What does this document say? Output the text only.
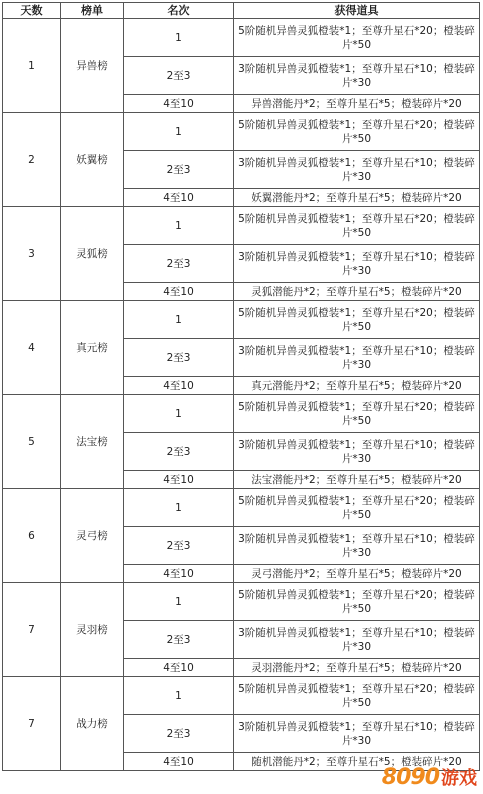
天数	榜单	名次	获得道具
1	异兽榜	1	5阶随机异兽灵狐橙装*1；至尊升星石*20；橙装碎片*50
		2至3	3阶随机异兽灵狐橙装*1；至尊升星石*10；橙装碎片*30
		4至10	异兽潜能丹*2；至尊升星石*5；橙装碎片*20
2	妖翼榜	1	5阶随机异兽灵狐橙装*1；至尊升星石*20；橙装碎片*50
		2至3	3阶随机异兽灵狐橙装*1；至尊升星石*10；橙装碎片*30
		4至10	妖翼潜能丹*2；至尊升星石*5；橙装碎片*20
3	灵狐榜	1	5阶随机异兽灵狐橙装*1；至尊升星石*20；橙装碎片*50
		2至3	3阶随机异兽灵狐橙装*1；至尊升星石*10；橙装碎片*30
		4至10	灵狐潜能丹*2；至尊升星石*5；橙装碎片*20
4	真元榜	1	5阶随机异兽灵狐橙装*1；至尊升星石*20；橙装碎片*50
		2至3	3阶随机异兽灵狐橙装*1；至尊升星石*10；橙装碎片*30
		4至10	真元潜能丹*2；至尊升星石*5；橙装碎片*20
5	法宝榜	1	5阶随机异兽灵狐橙装*1；至尊升星石*20；橙装碎片*50
		2至3	3阶随机异兽灵狐橙装*1；至尊升星石*10；橙装碎片*30
		4至10	法宝潜能丹*2；至尊升星石*5；橙装碎片*20
6	灵弓榜	1	5阶随机异兽灵狐橙装*1；至尊升星石*20；橙装碎片*50
		2至3	3阶随机异兽灵狐橙装*1；至尊升星石*10；橙装碎片*30
		4至10	灵弓潜能丹*2；至尊升星石*5；橙装碎片*20
7	灵羽榜	1	5阶随机异兽灵狐橙装*1；至尊升星石*20；橙装碎片*50
		2至3	3阶随机异兽灵狐橙装*1；至尊升星石*10；橙装碎片*30
		4至10	灵羽潜能丹*2；至尊升星石*5；橙装碎片*20
7	战力榜	1	5阶随机异兽灵狐橙装*1；至尊升星石*20；橙装碎片*50
		2至3	3阶随机异兽灵狐橙装*1；至尊升星石*10；橙装碎片*30
		4至10	随机潜能丹*2；至尊升星石*5；橙装碎片*20
8090 游戏
